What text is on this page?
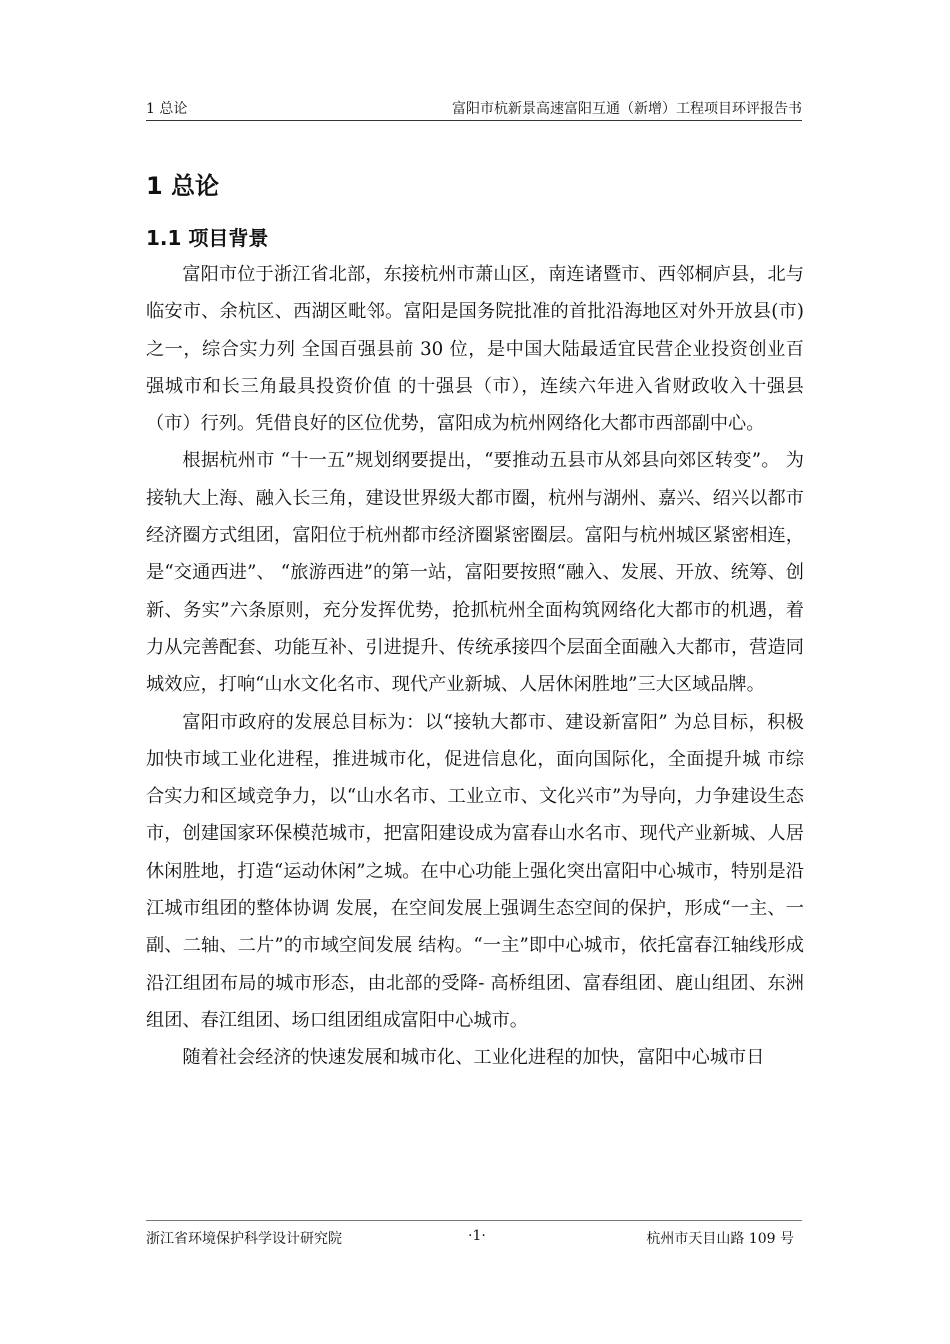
1 总论	富阳市杭新景高速富阳互通（新增）工程项目环评报告书
1 总论
1.1 项目背景

富阳市位于浙江省北部，东接杭州市萧山区，南连诸暨市、西邻桐庐县，北与临安市、余杭区、西湖区毗邻。富阳是国务院批准的首批沿海地区对外开放县(市)之一，综合实力列 全国百强县前 30 位，是中国大陆最适宜民营企业投资创业百强城市和长三角最具投资价值 的十强县（市），连续六年进入省财政收入十强县（市）行列。凭借良好的区位优势，富阳成为杭州网络化大都市西部副中心。

根据杭州市 “十一五”规划纲要提出，“要推动五县市从郊县向郊区转变”。 为接轨大上海、融入长三角，建设世界级大都市圈，杭州与湖州、嘉兴、绍兴以都市经济圈方式组团，富阳位于杭州都市经济圈紧密圈层。富阳与杭州城区紧密相连，是“交通西进”、 “旅游西进”的第一站，富阳要按照“融入、发展、开放、统筹、创新、务实”六条原则，充分发挥优势，抢抓杭州全面构筑网络化大都市的机遇，着力从完善配套、功能互补、引进提升、传统承接四个层面全面融入大都市，营造同城效应，打响“山水文化名市、现代产业新城、人居休闲胜地”三大区域品牌。

富阳市政府的发展总目标为：以“接轨大都市、建设新富阳” 为总目标，积极加快市域工业化进程，推进城市化，促进信息化，面向国际化，全面提升城 市综合实力和区域竞争力，以“山水名市、工业立市、文化兴市”为导向，力争建设生态市，创建国家环保模范城市，把富阳建设成为富春山水名市、现代产业新城、人居休闲胜地，打造“运动休闲”之城。在中心功能上强化突出富阳中心城市，特别是沿江城市组团的整体协调 发展，在空间发展上强调生态空间的保护，形成“一主、一副、二轴、二片”的市域空间发展 结构。“一主”即中心城市，依托富春江轴线形成沿江组团布局的城市形态，由北部的受降- 高桥组团、富春组团、鹿山组团、东洲组团、春江组团、场口组团组成富阳中心城市。

随着社会经济的快速发展和城市化、工业化进程的加快，富阳中心城市日

浙江省环境保护科学设计研究院	·1·	杭州市天目山路 109 号
